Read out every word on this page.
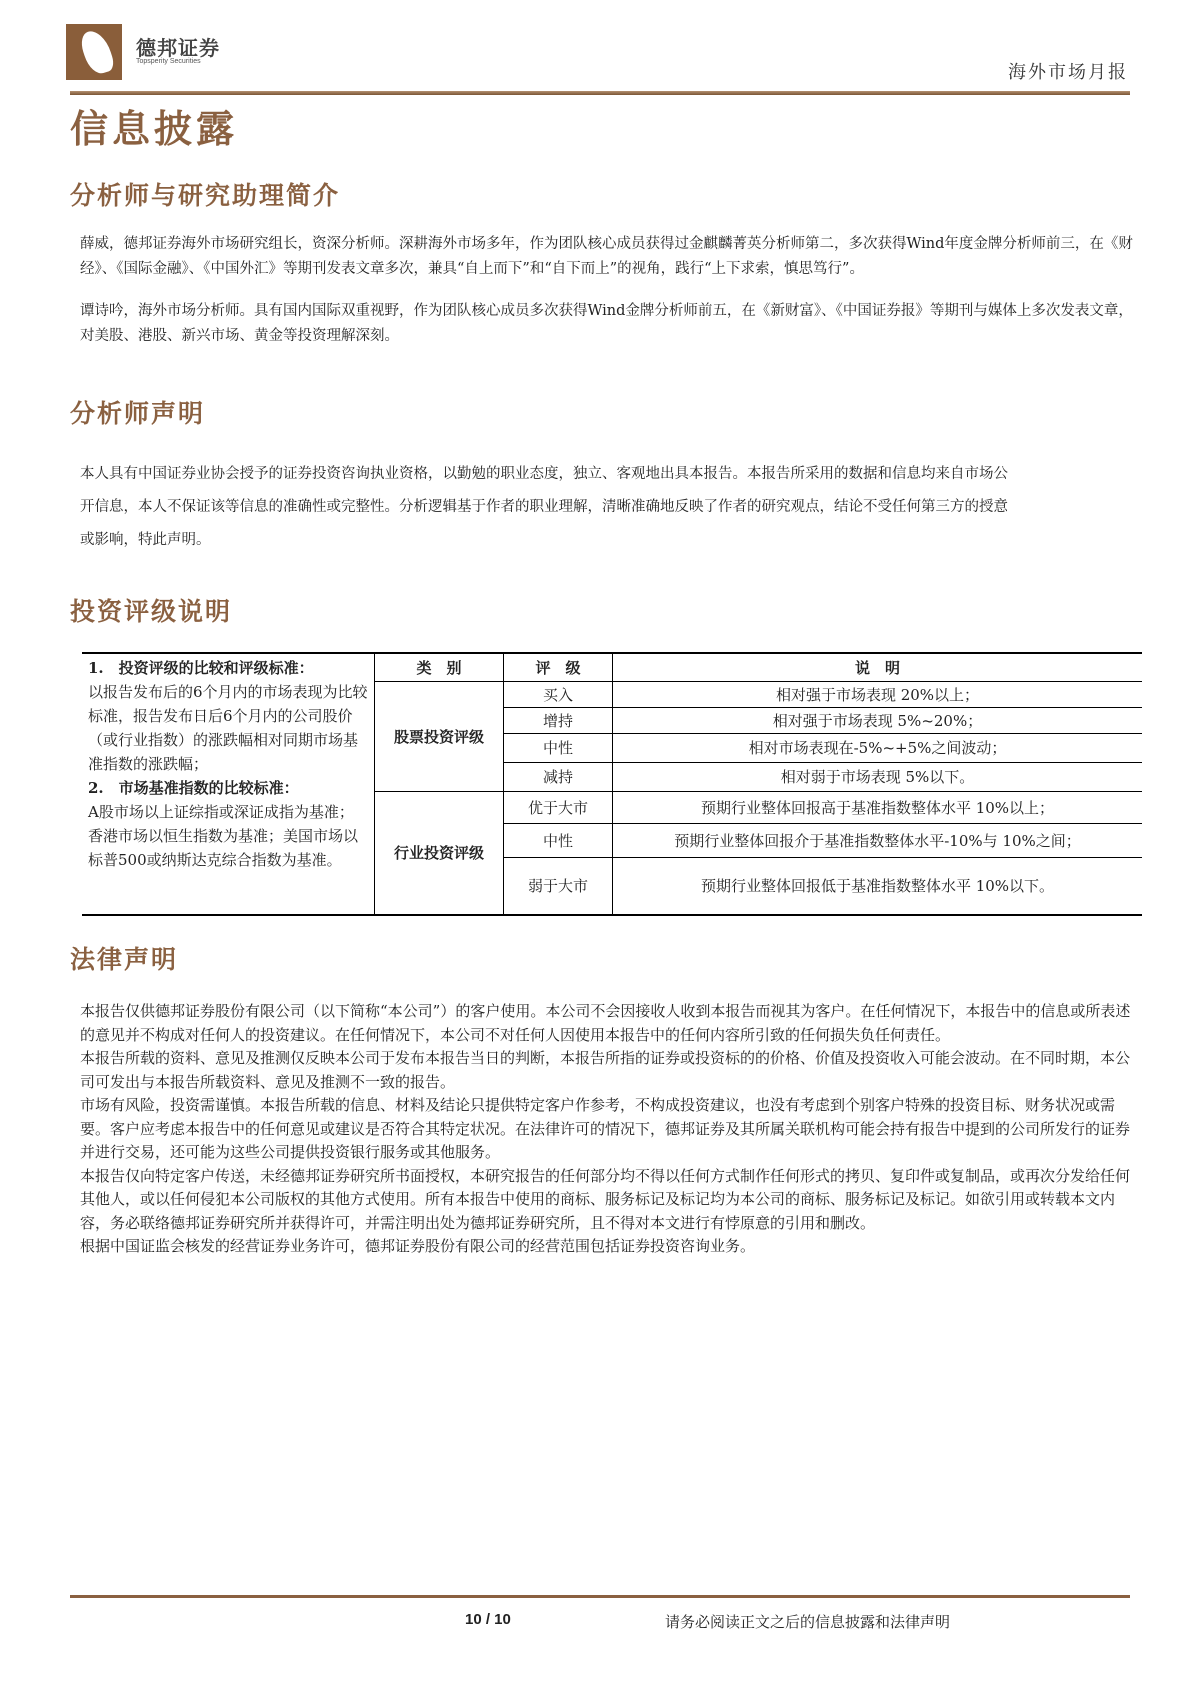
德邦证券
Topsperity Securities
海外市场月报
信息披露
分析师与研究助理简介
薛威，德邦证券海外市场研究组长，资深分析师。深耕海外市场多年，作为团队核心成员获得过金麒麟菁英分析师第二，多次获得Wind年度金牌分析师前三，在《财经》、《国际金融》、《中国外汇》等期刊发表文章多次，兼具“自上而下”和“自下而上”的视角，践行“上下求索，慎思笃行”。
谭诗吟，海外市场分析师。具有国内国际双重视野，作为团队核心成员多次获得Wind金牌分析师前五，在《新财富》、《中国证券报》等期刊与媒体上多次发表文章，对美股、港股、新兴市场、黄金等投资理解深刻。
分析师声明
本人具有中国证券业协会授予的证券投资咨询执业资格，以勤勉的职业态度，独立、客观地出具本报告。本报告所采用的数据和信息均来自市场公开信息，本人不保证该等信息的准确性或完整性。分析逻辑基于作者的职业理解，清晰准确地反映了作者的研究观点，结论不受任何第三方的授意或影响，特此声明。
投资评级说明
1.　投资评级的比较和评级标准：
以报告发布后的6个月内的市场表现为比较标准，报告发布日后6个月内的公司股价（或行业指数）的涨跌幅相对同期市场基准指数的涨跌幅；
2.　市场基准指数的比较标准：
A股市场以上证综指或深证成指为基准；香港市场以恒生指数为基准；美国市场以标普500或纳斯达克综合指数为基准。	类　别	评　级	说　明
	股票投资评级	买入	相对强于市场表现 20%以上；
		增持	相对强于市场表现 5%~20%；
		中性	相对市场表现在-5%~+5%之间波动；
		减持	相对弱于市场表现 5%以下。
	行业投资评级	优于大市	预期行业整体回报高于基准指数整体水平 10%以上；
		中性	预期行业整体回报介于基准指数整体水平-10%与 10%之间；
		弱于大市	预期行业整体回报低于基准指数整体水平 10%以下。
法律声明
本报告仅供德邦证券股份有限公司（以下简称“本公司”）的客户使用。本公司不会因接收人收到本报告而视其为客户。在任何情况下，本报告中的信息或所表述的意见并不构成对任何人的投资建议。在任何情况下，本公司不对任何人因使用本报告中的任何内容所引致的任何损失负任何责任。
本报告所载的资料、意见及推测仅反映本公司于发布本报告当日的判断，本报告所指的证券或投资标的的价格、价值及投资收入可能会波动。在不同时期，本公司可发出与本报告所载资料、意见及推测不一致的报告。
市场有风险，投资需谨慎。本报告所载的信息、材料及结论只提供特定客户作参考，不构成投资建议，也没有考虑到个别客户特殊的投资目标、财务状况或需要。客户应考虑本报告中的任何意见或建议是否符合其特定状况。在法律许可的情况下，德邦证券及其所属关联机构可能会持有报告中提到的公司所发行的证券并进行交易，还可能为这些公司提供投资银行服务或其他服务。
本报告仅向特定客户传送，未经德邦证券研究所书面授权，本研究报告的任何部分均不得以任何方式制作任何形式的拷贝、复印件或复制品，或再次分发给任何其他人，或以任何侵犯本公司版权的其他方式使用。所有本报告中使用的商标、服务标记及标记均为本公司的商标、服务标记及标记。如欲引用或转载本文内容，务必联络德邦证券研究所并获得许可，并需注明出处为德邦证券研究所，且不得对本文进行有悖原意的引用和删改。
根据中国证监会核发的经营证券业务许可，德邦证券股份有限公司的经营范围包括证券投资咨询业务。
10 / 10	请务必阅读正文之后的信息披露和法律声明
